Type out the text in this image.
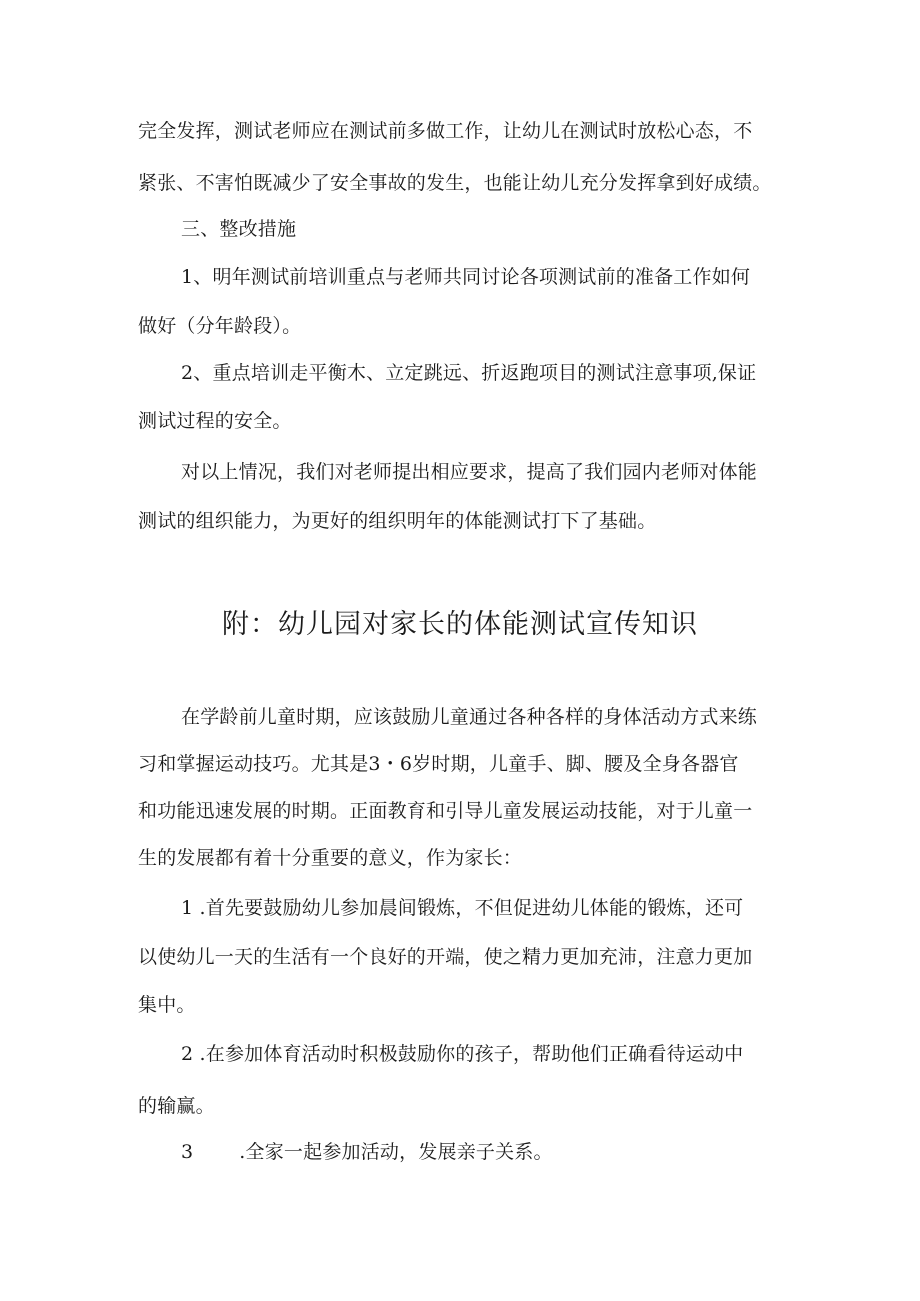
完全发挥，测试老师应在测试前多做工作，让幼儿在测试时放松心态，不
紧张、不害怕既减少了安全事故的发生，也能让幼儿充分发挥拿到好成绩。
三、整改措施
1、明年测试前培训重点与老师共同讨论各项测试前的准备工作如何
做好（分年龄段）。
2、重点培训走平衡木、立定跳远、折返跑项目的测试注意事项,保证
测试过程的安全。
对以上情况，我们对老师提出相应要求，提高了我们园内老师对体能
测试的组织能力，为更好的组织明年的体能测试打下了基础。
附：幼儿园对家长的体能测试宣传知识
在学龄前儿童时期，应该鼓励儿童通过各种各样的身体活动方式来练
习和掌握运动技巧。尤其是3・6岁时期，儿童手、脚、腰及全身各器官
和功能迅速发展的时期。正面教育和引导儿童发展运动技能，对于儿童一
生的发展都有着十分重要的意义，作为家长：
1 .首先要鼓励幼儿参加晨间锻炼，不但促进幼儿体能的锻炼，还可
以使幼儿一天的生活有一个良好的开端，使之精力更加充沛，注意力更加
集中。
2 .在参加体育活动时积极鼓励你的孩子，帮助他们正确看待运动中
的输赢。
3 .全家一起参加活动，发展亲子关系。
